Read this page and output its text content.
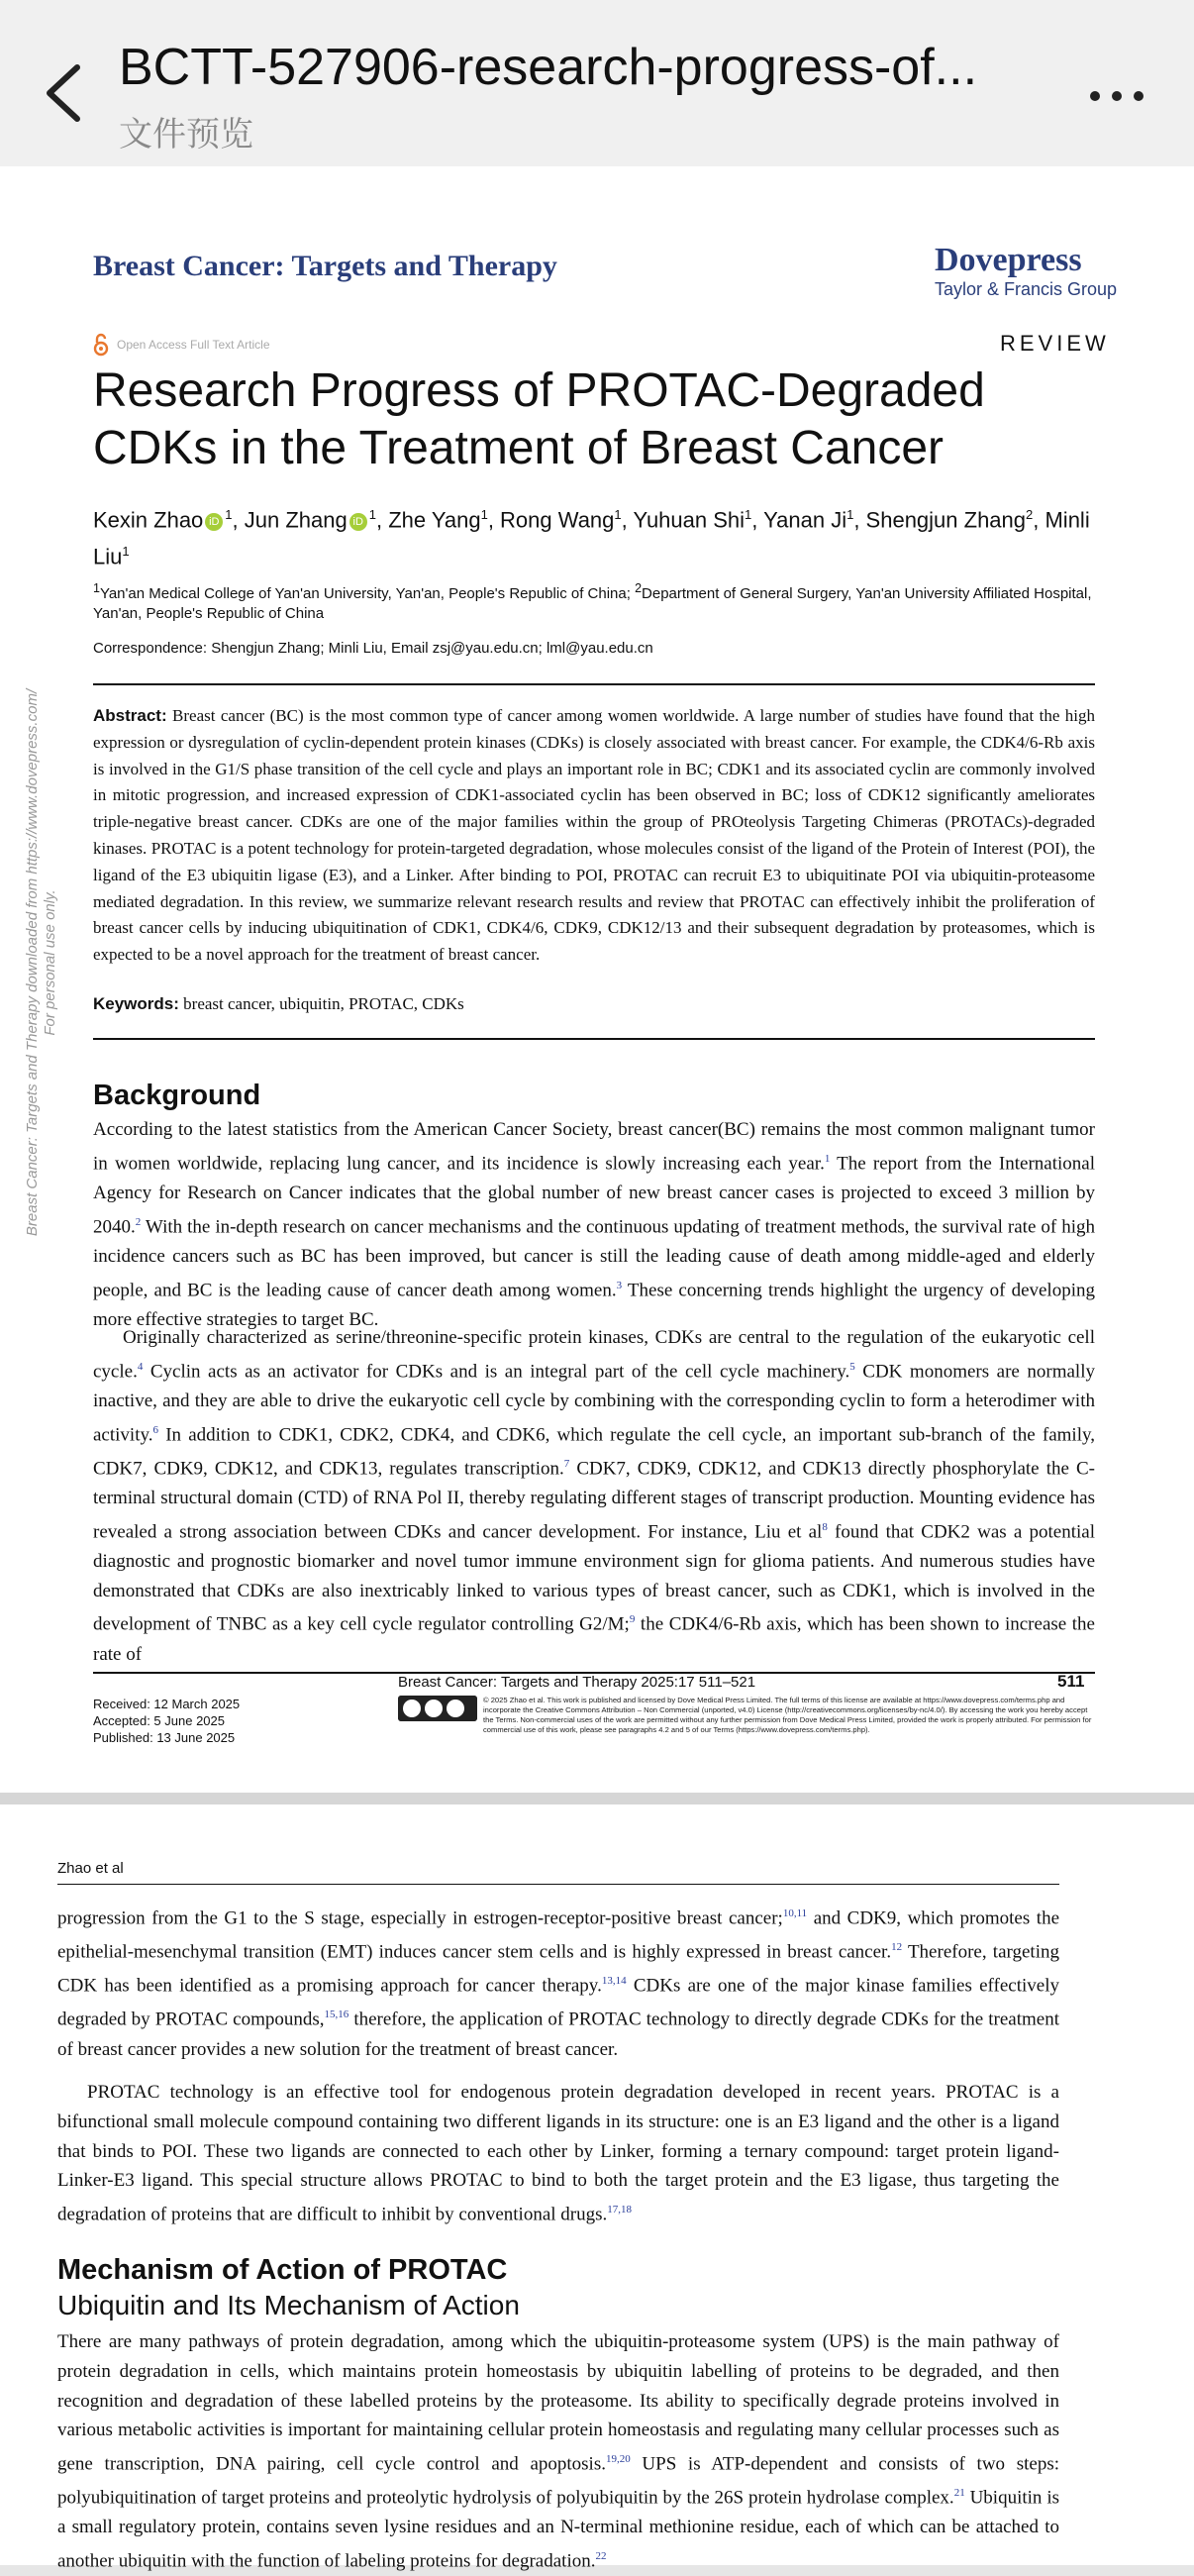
BCTT-527906-research-progress-of...
文件预览
Breast Cancer: Targets and Therapy	Dovepress
Taylor & Francis Group
Open Access Full Text Article	REVIEW
Research Progress of PROTAC-Degraded CDKs in the Treatment of Breast Cancer
Kexin Zhao iD $^1$, Jun Zhang iD $^1$, Zhe Yang$^1$, Rong Wang$^1$, Yuhuan Shi$^1$, Yanan Ji$^1$, Shengjun Zhang$^2$, Minli Liu$^1$
$^1$Yan'an Medical College of Yan'an University, Yan'an, People's Republic of China; $^2$Department of General Surgery, Yan'an University Affiliated Hospital, Yan'an, People's Republic of China
Correspondence: Shengjun Zhang; Minli Liu, Email zsj@yau.edu.cn; lml@yau.edu.cn
Abstract: Breast cancer (BC) is the most common type of cancer among women worldwide. A large number of studies have found that the high expression or dysregulation of cyclin-dependent protein kinases (CDKs) is closely associated with breast cancer. For example, the CDK4/6-Rb axis is involved in the G1/S phase transition of the cell cycle and plays an important role in BC; CDK1 and its associated cyclin are commonly involved in mitotic progression, and increased expression of CDK1-associated cyclin has been observed in BC; loss of CDK12 significantly ameliorates triple-negative breast cancer. CDKs are one of the major families within the group of PROteolysis Targeting Chimeras (PROTACs)-degraded kinases. PROTAC is a potent technology for protein-targeted degradation, whose molecules consist of the ligand of the Protein of Interest (POI), the ligand of the E3 ubiquitin ligase (E3), and a Linker. After binding to POI, PROTAC can recruit E3 to ubiquitinate POI via ubiquitin-proteasome mediated degradation. In this review, we summarize relevant research results and review that PROTAC can effectively inhibit the proliferation of breast cancer cells by inducing ubiquitination of CDK1, CDK4/6, CDK9, CDK12/13 and their subsequent degradation by proteasomes, which is expected to be a novel approach for the treatment of breast cancer.
Keywords: breast cancer, ubiquitin, PROTAC, CDKs
Background

According to the latest statistics from the American Cancer Society, breast cancer(BC) remains the most common malignant tumor in women worldwide, replacing lung cancer, and its incidence is slowly increasing each year.$^1$ The report from the International Agency for Research on Cancer indicates that the global number of new breast cancer cases is projected to exceed 3 million by 2040.$^2$ With the in-depth research on cancer mechanisms and the continuous updating of treatment methods, the survival rate of high incidence cancers such as BC has been improved, but cancer is still the leading cause of death among middle-aged and elderly people, and BC is the leading cause of cancer death among women.$^3$ These concerning trends highlight the urgency of developing more effective strategies to target BC.

Originally characterized as serine/threonine-specific protein kinases, CDKs are central to the regulation of the eukaryotic cell cycle.$^4$ Cyclin acts as an activator for CDKs and is an integral part of the cell cycle machinery.$^5$ CDK monomers are normally inactive, and they are able to drive the eukaryotic cell cycle by combining with the corresponding cyclin to form a heterodimer with activity.$^6$ In addition to CDK1, CDK2, CDK4, and CDK6, which regulate the cell cycle, an important sub-branch of the family, CDK7, CDK9, CDK12, and CDK13, regulates transcription.$^7$ CDK7, CDK9, CDK12, and CDK13 directly phosphorylate the C-terminal structural domain (CTD) of RNA Pol II, thereby regulating different stages of transcript production. Mounting evidence has revealed a strong association between CDKs and cancer development. For instance, Liu et $al^8$ found that CDK2 was a potential diagnostic and prognostic biomarker and novel tumor immune environment sign for glioma patients. And numerous studies have demonstrated that CDKs are also inextricably linked to various types of breast cancer, such as CDK1, which is involved in the development of TNBC as a key cell cycle regulator controlling G2/M;$^9$ the CDK4/6-Rb axis, which has been shown to increase the rate of

Received: 12 March 2025
Accepted: 5 June 2025
Published: 13 June 2025
Breast Cancer: Targets and Therapy 2025:17 511–521	511
© 2025 Zhao et al. This work is published and licensed by Dove Medical Press Limited. The full terms of this license are available at https://www.dovepress.com/terms.php and incorporate the Creative Commons Attribution – Non Commercial (unported, v4.0) License (http://creativecommons.org/licenses/by-nc/4.0/). By accessing the work you hereby accept the Terms. Non-commercial uses of the work are permitted without any further permission from Dove Medical Press Limited, provided the work is properly attributed. For permission for commercial use of this work, please see paragraphs 4.2 and 5 of our Terms (https://www.dovepress.com/terms.php).
Breast Cancer: Targets and Therapy downloaded from https://www.dovepress.com/ For personal use only.
Zhao et al

progression from the G1 to the S stage, especially in estrogen-receptor-positive breast cancer;$^{10,11}$ and CDK9, which promotes the epithelial-mesenchymal transition (EMT) induces cancer stem cells and is highly expressed in breast cancer.$^{12}$ Therefore, targeting CDK has been identified as a promising approach for cancer therapy.$^{13,14}$ CDKs are one of the major kinase families effectively degraded by PROTAC compounds,$^{15,16}$ therefore, the application of PROTAC technology to directly degrade CDKs for the treatment of breast cancer provides a new solution for the treatment of breast cancer.

PROTAC technology is an effective tool for endogenous protein degradation developed in recent years. PROTAC is a bifunctional small molecule compound containing two different ligands in its structure: one is an E3 ligand and the other is a ligand that binds to POI. These two ligands are connected to each other by Linker, forming a ternary compound: target protein ligand-Linker-E3 ligand. This special structure allows PROTAC to bind to both the target protein and the E3 ligase, thus targeting the degradation of proteins that are difficult to inhibit by conventional drugs.$^{17,18}$

Mechanism of Action of PROTAC
Ubiquitin and Its Mechanism of Action

There are many pathways of protein degradation, among which the ubiquitin-proteasome system (UPS) is the main pathway of protein degradation in cells, which maintains protein homeostasis by ubiquitin labelling of proteins to be degraded, and then recognition and degradation of these labelled proteins by the proteasome. Its ability to specifically degrade proteins involved in various metabolic activities is important for maintaining cellular protein homeostasis and regulating many cellular processes such as gene transcription, DNA pairing, cell cycle control and apoptosis.$^{19,20}$ UPS is ATP-dependent and consists of two steps: polyubiquitination of target proteins and proteolytic hydrolysis of polyubiquitin by the 26S protein hydrolase complex.$^{21}$ Ubiquitin is a small regulatory protein, contains seven lysine residues and an N-terminal methionine residue, each of which can be attached to another ubiquitin with the function of labeling proteins for degradation.$^{22}$
